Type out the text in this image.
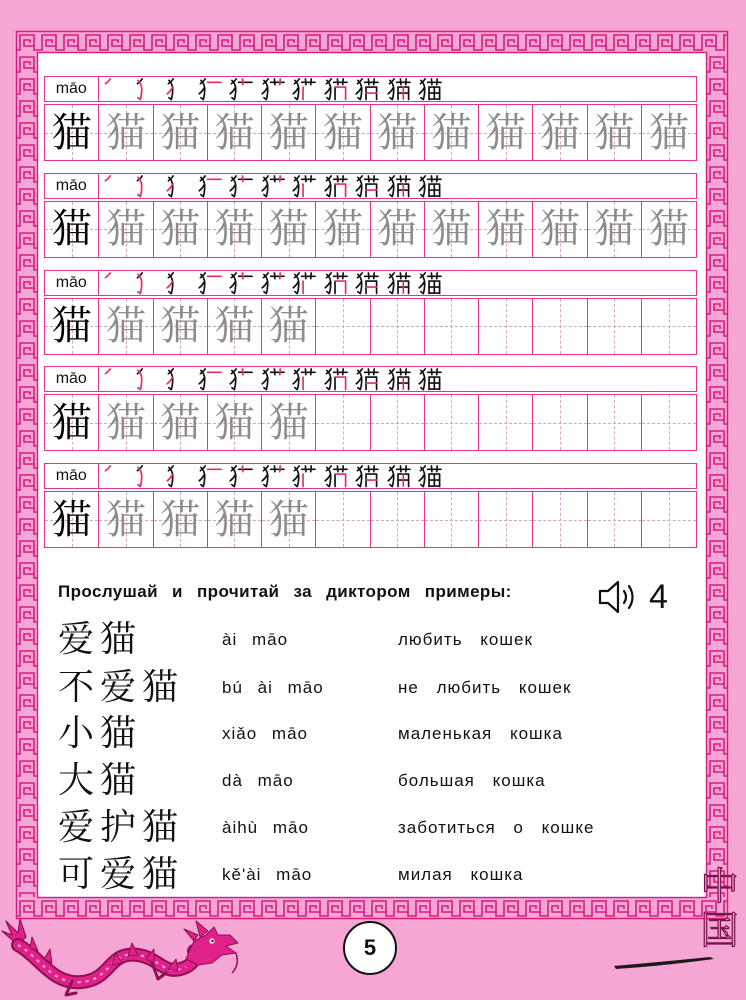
māo
猫 猫 猫 猫 猫 猫 猫 猫 猫 猫 猫 猫
māo
猫 猫 猫 猫 猫 猫 猫 猫 猫 猫 猫 猫
māo
猫 猫 猫 猫 猫
māo
猫 猫 猫 猫 猫
māo
猫 猫 猫 猫 猫
Прослушай и прочитай за диктором примеры:	4
爱猫	ài māo	любить кошек
不爱猫 bú ài māo	не любить кошек
小猫	xiǎo māo	маленькая кошка
大猫	dà māo	большая кошка
爱护猫 àihù māo	заботиться о кошке
可爱猫 kě'ài māo	милая кошка
5	中国
